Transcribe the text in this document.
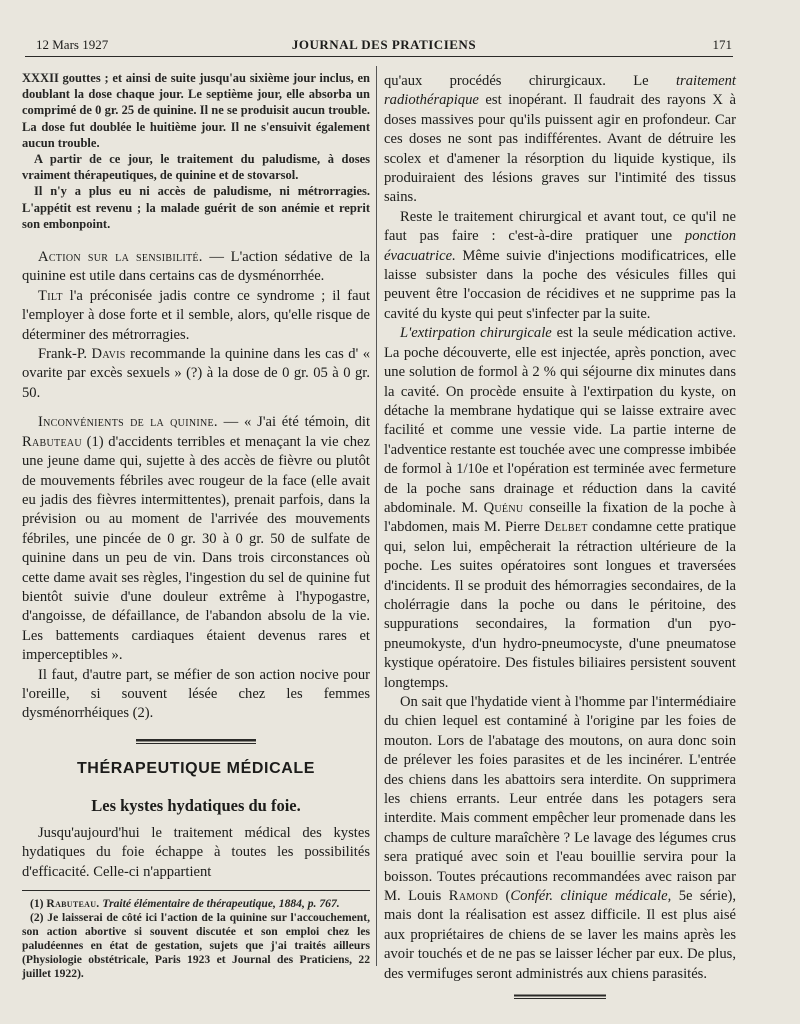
12 Mars 1927	JOURNAL DES PRATICIENS	171

XXXII gouttes ; et ainsi de suite jusqu'au sixième jour inclus, en doublant la dose chaque jour. Le septième jour, elle absorba un comprimé de 0 gr. 25 de quinine. Il ne se produisit aucun trouble. La dose fut doublée le huitième jour. Il ne s'ensuivit également aucun trouble.

A partir de ce jour, le traitement du paludisme, à doses vraiment thérapeutiques, de quinine et de stovarsol.

Il n'y a plus eu ni accès de paludisme, ni métrorragies. L'appétit est revenu ; la malade guérit de son anémie et reprit son embonpoint.

Action sur la sensibilité. — L'action sédative de la quinine est utile dans certains cas de dysménorrhée.

Tilt l'a préconisée jadis contre ce syndrome ; il faut l'employer à dose forte et il semble, alors, qu'elle risque de déterminer des métrorragies.

Frank-P. Davis recommande la quinine dans les cas d' « ovarite par excès sexuels » (?) à la dose de 0 gr. 05 à 0 gr. 50.

Inconvénients de la quinine. — « J'ai été témoin, dit Rabuteau (1) d'accidents terribles et menaçant la vie chez une jeune dame qui, sujette à des accès de fièvre ou plutôt de mouvements fébriles avec rougeur de la face (elle avait eu jadis des fièvres intermittentes), prenait parfois, dans la prévision ou au moment de l'arrivée des mouvements fébriles, une pincée de 0 gr. 30 à 0 gr. 50 de sulfate de quinine dans un peu de vin. Dans trois circonstances où cette dame avait ses règles, l'ingestion du sel de quinine fut bientôt suivie d'une douleur extrême à l'hypogastre, d'angoisse, de défaillance, de l'abandon absolu de la vie. Les battements cardiaques étaient devenus rares et imperceptibles ».

Il faut, d'autre part, se méfier de son action nocive pour l'oreille, si souvent lésée chez les femmes dysménorrhéiques (2).

THÉRAPEUTIQUE MÉDICALE
Les kystes hydatiques du foie.

Jusqu'aujourd'hui le traitement médical des kystes hydatiques du foie échappe à toutes les possibilités d'efficacité. Celle-ci n'appartient

(1) Rabuteau. Traité élémentaire de thérapeutique, 1884, p. 767.

(2) Je laisserai de côté ici l'action de la quinine sur l'accouchement, son action abortive si souvent discutée et son emploi chez les paludéennes en état de gestation, sujets que j'ai traités ailleurs (Physiologie obstétricale, Paris 1923 et Journal des Praticiens, 22 juillet 1922).

qu'aux procédés chirurgicaux. Le traitement radiothérapique est inopérant. Il faudrait des rayons X à doses massives pour qu'ils puissent agir en profondeur. Car ces doses ne sont pas indifférentes. Avant de détruire les scolex et d'amener la résorption du liquide kystique, ils produiraient des lésions graves sur l'intimité des tissus sains.

Reste le traitement chirurgical et avant tout, ce qu'il ne faut pas faire : c'est-à-dire pratiquer une ponction évacuatrice. Même suivie d'injections modificatrices, elle laisse subsister dans la poche des vésicules filles qui peuvent être l'occasion de récidives et ne supprime pas la cavité du kyste qui peut s'infecter par la suite.

L'extirpation chirurgicale est la seule médication active. La poche découverte, elle est injectée, après ponction, avec une solution de formol à 2 % qui séjourne dix minutes dans la cavité. On procède ensuite à l'extirpation du kyste, on détache la membrane hydatique qui se laisse extraire avec facilité et comme une vessie vide. La partie interne de l'adventice restante est touchée avec une compresse imbibée de formol à 1/10e et l'opération est terminée avec fermeture de la poche sans drainage et réduction dans la cavité abdominale. M. Quénu conseille la fixation de la poche à l'abdomen, mais M. Pierre Delbet condamne cette pratique qui, selon lui, empêcherait la rétraction ultérieure de la poche. Les suites opératoires sont longues et traversées d'incidents. Il se produit des hémorragies secondaires, de la cholérragie dans la poche ou dans le péritoine, des suppurations secondaires, la formation d'un pyo-pneumokyste, d'un hydro-pneumocyste, d'une pneumatose kystique opératoire. Des fistules biliaires persistent souvent longtemps.

On sait que l'hydatide vient à l'homme par l'intermédiaire du chien lequel est contaminé à l'origine par les foies de mouton. Lors de l'abatage des moutons, on aura donc soin de prélever les foies parasites et de les incinérer. L'entrée des chiens dans les abattoirs sera interdite. On supprimera les chiens errants. Leur entrée dans les potagers sera interdite. Mais comment empêcher leur promenade dans les champs de culture maraîchère ? Le lavage des légumes crus sera pratiqué avec soin et l'eau bouillie servira pour la boisson. Toutes précautions recommandées avec raison par M. Louis Ramond (Confér. clinique médicale, 5e série), mais dont la réalisation est assez difficile. Il est plus aisé aux propriétaires de chiens de se laver les mains après les avoir touchés et de ne pas se laisser lécher par eux. De plus, des vermifuges seront administrés aux chiens parasités.
